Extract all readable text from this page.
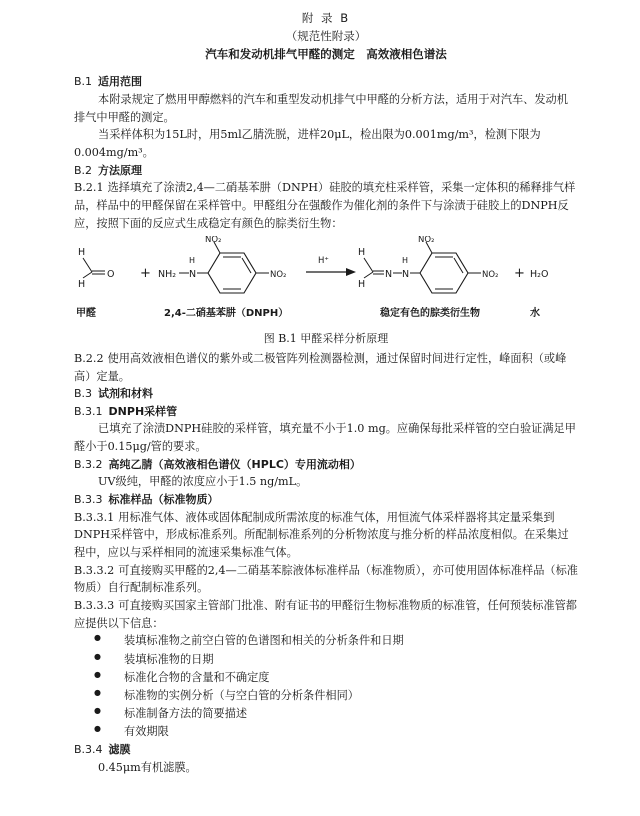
附 录 B

（规范性附录）

汽车和发动机排气甲醛的测定　高效液相色谱法

B.1 适用范围

本附录规定了燃用甲醇燃料的汽车和重型发动机排气中甲醛的分析方法，适用于对汽车、发动机排气中甲醛的测定。

当采样体积为15L时，用5ml乙腈洗脱，进样20μL，检出限为0.001mg/m³，检测下限为0.004mg/m³。

B.2 方法原理

B.2.1 选择填充了涂渍2,4—二硝基苯肼（DNPH）硅胶的填充柱采样管，采集一定体积的稀释排气样品，样品中的甲醛保留在采样管中。甲醛组分在强酸作为催化剂的条件下与涂渍于硅胶上的DNPH反应，按照下面的反应式生成稳定有颜色的腙类衍生物：

H
H
O + NH₂ N
H
NO₂
NO₂
H⁺
H
H
N N
H
NO₂
NO₂ + H₂O
甲醛	2,4-二硝基苯肼（DNPH）	稳定有色的腙类衍生物	水

图 B.1 甲醛采样分析原理

B.2.2 使用高效液相色谱仪的紫外或二极管阵列检测器检测，通过保留时间进行定性，峰面积（或峰高）定量。

B.3 试剂和材料

B.3.1 DNPH采样管

已填充了涂渍DNPH硅胶的采样管，填充量不小于1.0 mg。应确保每批采样管的空白验证满足甲醛小于0.15μg/管的要求。

B.3.2 高纯乙腈（高效液相色谱仪（HPLC）专用流动相）

UV级纯，甲醛的浓度应小于1.5 ng/mL。

B.3.3 标准样品（标准物质）

B.3.3.1 用标准气体、液体或固体配制成所需浓度的标准气体，用恒流气体采样器将其定量采集到DNPH采样管中，形成标准系列。所配制标准系列的分析物浓度与推分析的样品浓度相似。在采集过程中，应以与采样相同的流速采集标准气体。

B.3.3.2 可直接购买甲醛的2,4—二硝基苯腙液体标准样品（标准物质），亦可使用固体标准样品（标准物质）自行配制标准系列。

B.3.3.3 可直接购买国家主管部门批准、附有证书的甲醛衍生物标准物质的标准管，任何预装标准管都应提供以下信息：

● 装填标准物之前空白管的色谱图和相关的分析条件和日期
● 装填标准物的日期
● 标准化合物的含量和不确定度
● 标准物的实例分析（与空白管的分析条件相同）
● 标准制备方法的简要描述
● 有效期限

B.3.4 滤膜

0.45μm有机滤膜。
